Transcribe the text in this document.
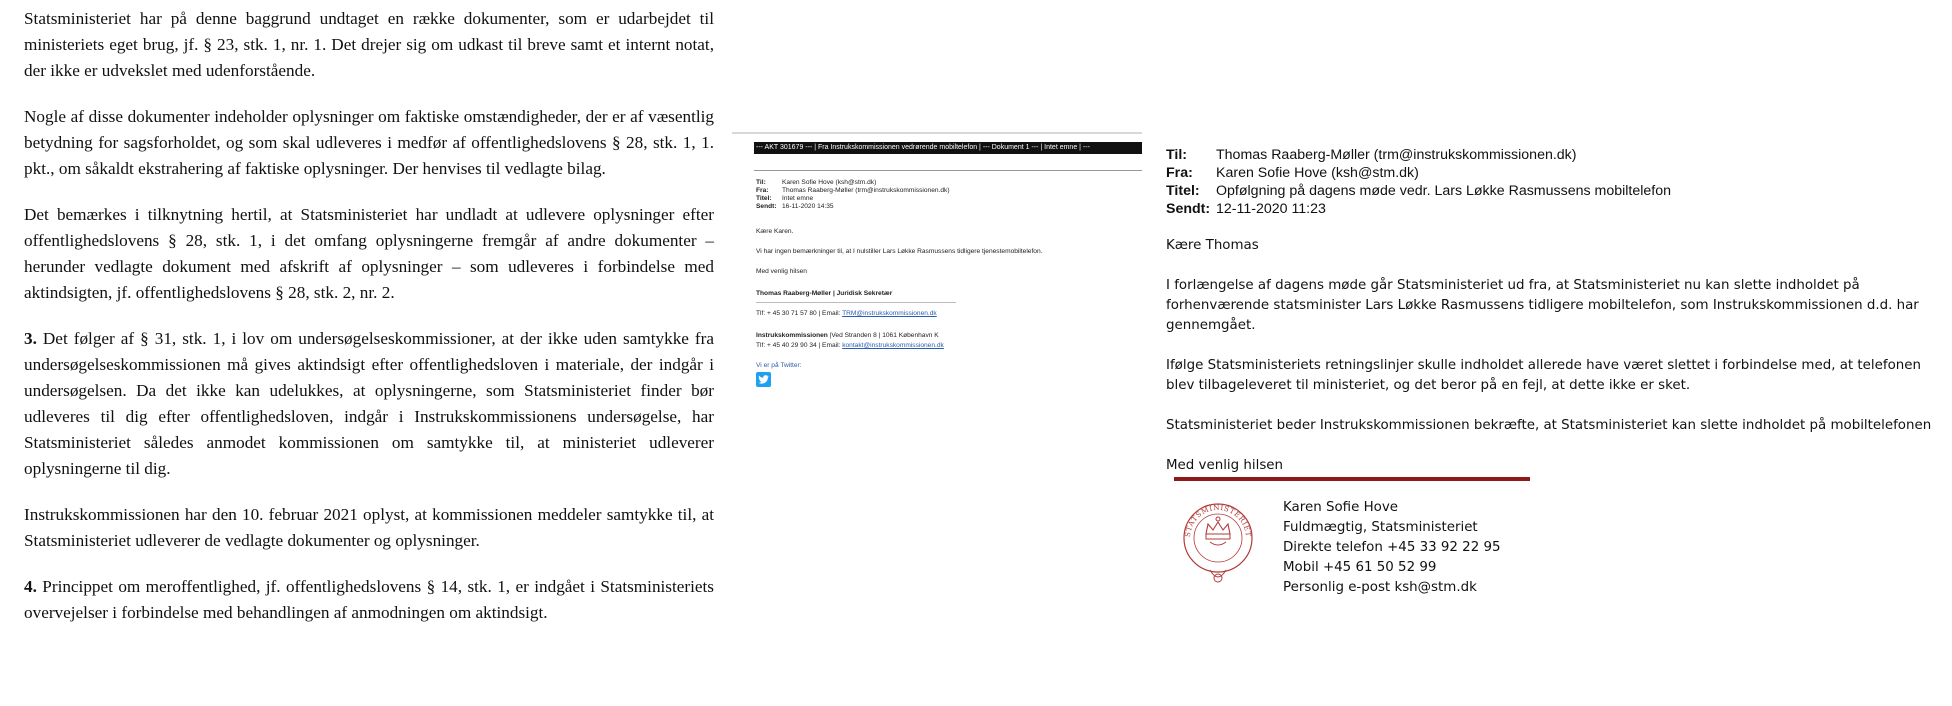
Statsministeriet har på denne baggrund undtaget en række dokumenter, som er udarbejdet til ministeriets eget brug, jf. § 23, stk. 1, nr. 1. Det drejer sig om udkast til breve samt et internt notat, der ikke er udvekslet med udenforstående.

Nogle af disse dokumenter indeholder oplysninger om faktiske omstændigheder, der er af væsentlig betydning for sagsforholdet, og som skal udleveres i medfør af offentlighedslovens § 28, stk. 1, 1. pkt., om såkaldt ekstrahering af faktiske oplysninger. Der henvises til vedlagte bilag.

Det bemærkes i tilknytning hertil, at Statsministeriet har undladt at udlevere oplysninger efter offentlighedslovens § 28, stk. 1, i det omfang oplysningerne fremgår af andre dokumenter – herunder vedlagte dokument med afskrift af oplysninger – som udleveres i forbindelse med aktindsigten, jf. offentlighedslovens § 28, stk. 2, nr. 2.

3. Det følger af § 31, stk. 1, i lov om undersøgelseskommissioner, at der ikke uden samtykke fra undersøgelseskommissionen må gives aktindsigt efter offentlighedsloven i materiale, der indgår i undersøgelsen. Da det ikke kan udelukkes, at oplysningerne, som Statsministeriet finder bør udleveres til dig efter offentlighedsloven, indgår i Instrukskommissionens undersøgelse, har Statsministeriet således anmodet kommissionen om samtykke til, at ministeriet udleverer oplysningerne til dig.

Instrukskommissionen har den 10. februar 2021 oplyst, at kommissionen meddeler samtykke til, at Statsministeriet udleverer de vedlagte dokumenter og oplysninger.

4. Princippet om meroffentlighed, jf. offentlighedslovens § 14, stk. 1, er indgået i Statsministeriets overvejelser i forbindelse med behandlingen af anmodningen om aktindsigt.

--- AKT 301679 --- | Fra Instrukskommissionen vedrørende mobiltelefon | --- Dokument 1 --- | Intet emne | ---
Til: Karen Sofie Hove (ksh@stm.dk)
Fra: Thomas Raaberg-Møller (trm@instrukskommissionen.dk)
Titel: Intet emne
Sendt: 16-11-2020 14:35
Kære Karen.
Vi har ingen bemærkninger til, at I nulstiller Lars Løkke Rasmussens tidligere tjenestemobiltelefon.
Med venlig hilsen
Thomas Raaberg-Møller | Juridisk Sekretær
Tlf: + 45 30 71 57 80 | Email: TRM@instrukskommissionen.dk
Instrukskommissionen |Ved Stranden 8 | 1061 København K
Tlf: + 45 40 29 90 34 | Email: kontakt@instrukskommissionen.dk
Vi er på Twitter:
Til: Thomas Raaberg-Møller (trm@instrukskommissionen.dk)
Fra: Karen Sofie Hove (ksh@stm.dk)
Titel: Opfølgning på dagens møde vedr. Lars Løkke Rasmussens mobiltelefon
Sendt: 12-11-2020 11:23
Kære Thomas
I forlængelse af dagens møde går Statsministeriet ud fra, at Statsministeriet nu kan slette indholdet på forhenværende statsminister Lars Løkke Rasmussens tidligere mobiltelefon, som Instrukskommissionen d.d. har gennemgået.
Ifølge Statsministeriets retningslinjer skulle indholdet allerede have været slettet i forbindelse med, at telefonen blev tilbageleveret til ministeriet, og det beror på en fejl, at dette ikke er sket.
Statsministeriet beder Instrukskommissionen bekræfte, at Statsministeriet kan slette indholdet på mobiltelefonen
Med venlig hilsen
STATSMINISTERIET
Karen Sofie Hove
Fuldmægtig, Statsministeriet
Direkte telefon +45 33 92 22 95
Mobil +45 61 50 52 99
Personlig e-post ksh@stm.dk
